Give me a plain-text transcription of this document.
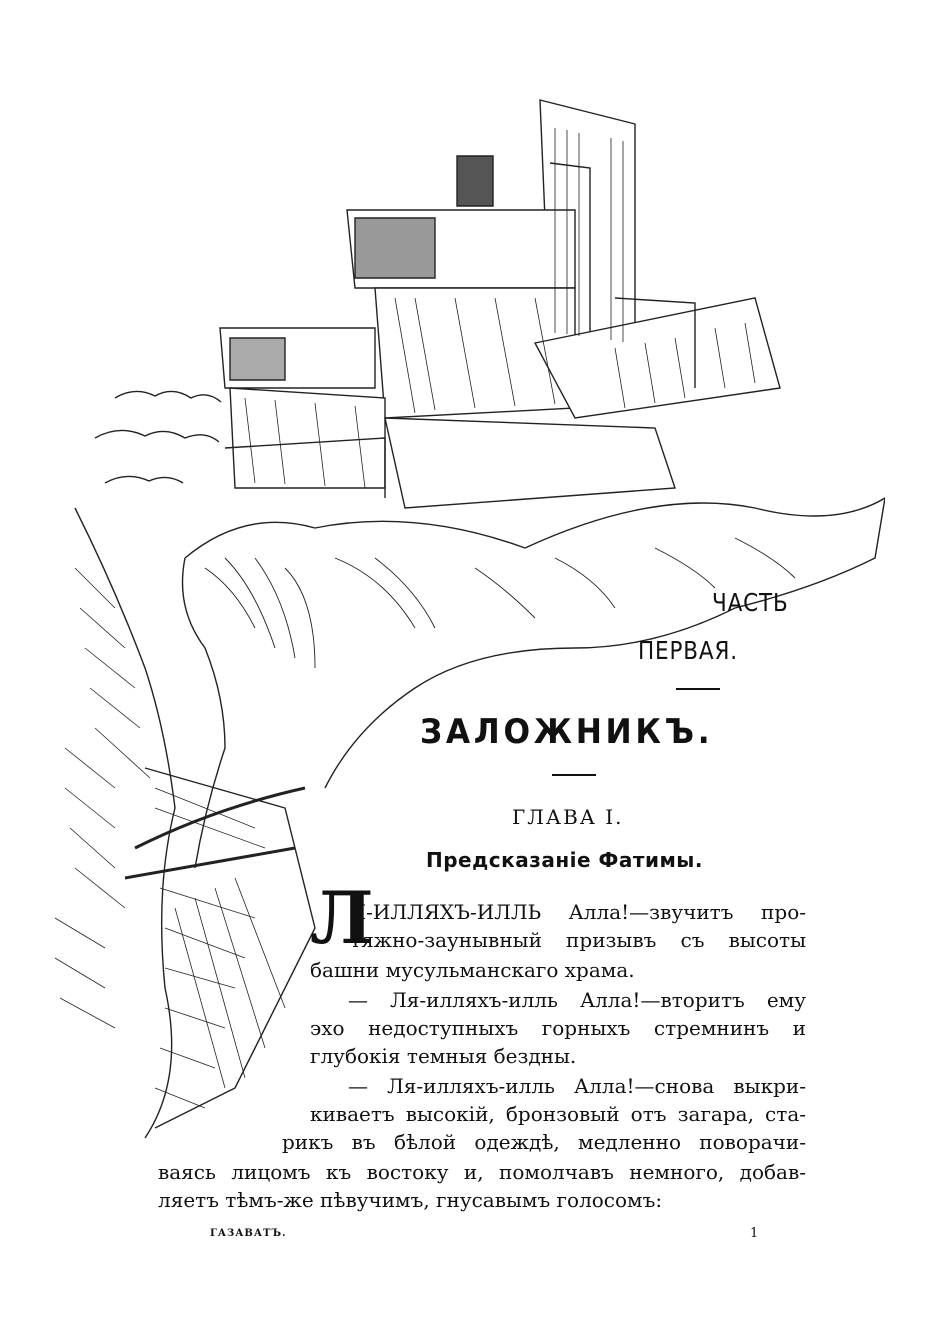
ЧАСТЬ
ПЕРВАЯ.
ЗАЛОЖНИКЪ.
ГЛАВА I.
Предсказаніе Фатимы.
Л
Я-ИЛЛЯХЪ-ИЛЛЬ Алла!—звучитъ про-
тяжно-заунывный призывъ съ высоты
башни мусульманскаго храма.
— Ля-илляхъ-илль Алла!—вторитъ ему
эхо недоступныхъ горныхъ стремнинъ и
глубокія темныя бездны.
— Ля-илляхъ-илль Алла!—снова выкри-
киваетъ высокій, бронзовый отъ загара, ста-
рикъ въ бѣлой одеждѣ, медленно поворачи-
ваясь лицомъ къ востоку и, помолчавъ немного, добав-
ляетъ тѣмъ-же пѣвучимъ, гнусавымъ голосомъ:
ГАЗАВАТЪ.	1
